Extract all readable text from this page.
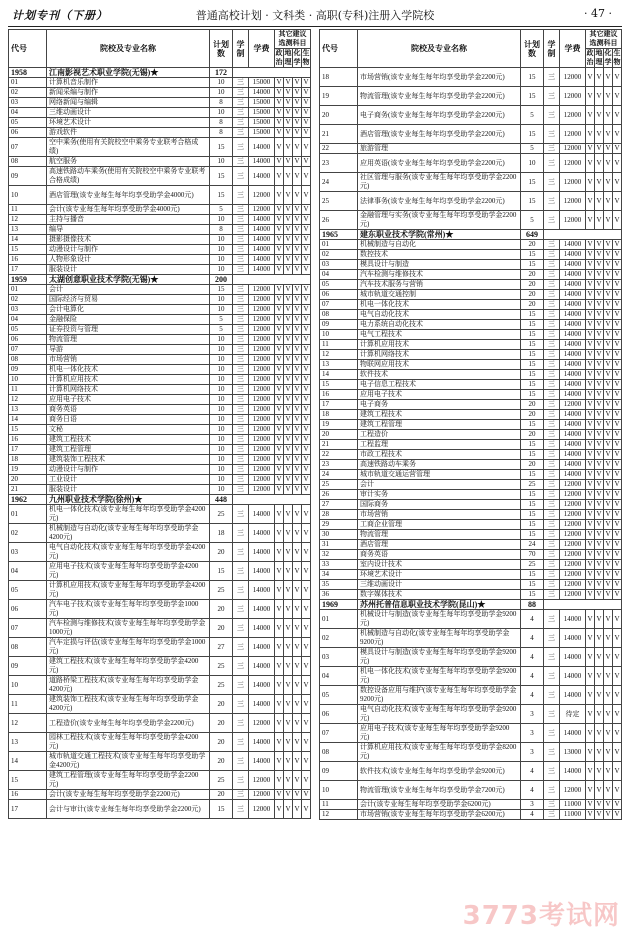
计划专刊（下册）	普通高校计划 · 文科类 · 高职(专科)注册入学院校	· 47 ·
代号	院校及专业名称	计划数	学制	学费	其它建议选测科目			
					政治	地理	化学	生物
1958	江南影视艺术职业学院(无锡)★	172						
01	计算机音乐制作	10	三	15000	V	V	V	V
02	新闻采编与制作	10	三	14000	V	V	V	V
03	网络新闻与编辑	8	三	15000	V	V	V	V
04	三维动画设计	10	三	15000	V	V	V	V
05	环境艺术设计	8	三	15000	V	V	V	V
06	游戏软件	8	三	15000	V	V	V	V
07	空中乘务(使用有关院校空中乘务专业联考合格成绩)	15	三	14000	V	V	V	V
08	航空服务	10	三	14000	V	V	V	V
09	高速铁路动车乘务(使用有关院校空中乘务专业联考合格成绩)	15	三	14000	V	V	V	V
10	酒店管理(该专业每生每年均享受助学金4000元)	15	三	12000	V	V	V	V
11	会计(该专业每生每年均享受助学金4000元)	5	三	12000	V	V	V	V
12	主持与播音	10	三	14000	V	V	V	V
13	编导	8	三	14000	V	V	V	V
14	摄影摄像技术	10	三	14000	V	V	V	V
15	动漫设计与制作	10	三	14000	V	V	V	V
16	人物形象设计	10	三	14000	V	V	V	V
17	服装设计	10	三	14000	V	V	V	V
1959	太湖创意职业技术学院(无锡)★	200						
01	会计	15	三	12000	V	V	V	V
02	国际经济与贸易	10	三	12000	V	V	V	V
03	会计电算化	10	三	12000	V	V	V	V
04	金融保险	5	三	12000	V	V	V	V
05	证券投资与管理	5	三	12000	V	V	V	V
06	物流管理	10	三	12000	V	V	V	V
07	导游	10	三	12000	V	V	V	V
08	市场营销	10	三	12000	V	V	V	V
09	机电一体化技术	10	三	12000	V	V	V	V
10	计算机应用技术	10	三	12000	V	V	V	V
11	计算机网络技术	10	三	12000	V	V	V	V
12	应用电子技术	10	三	12000	V	V	V	V
13	商务英语	10	三	12000	V	V	V	V
14	商务日语	10	三	12000	V	V	V	V
15	文秘	10	三	12000	V	V	V	V
16	建筑工程技术	10	三	12000	V	V	V	V
17	建筑工程管理	10	三	12000	V	V	V	V
18	建筑装饰工程技术	10	三	12000	V	V	V	V
19	动漫设计与制作	10	三	12000	V	V	V	V
20	工业设计	10	三	12000	V	V	V	V
21	服装设计	10	三	12000	V	V	V	V
1962	九州职业技术学院(徐州)★	448						
01	机电一体化技术(该专业每生每年均享受助学金4200元)	25	三	14000	V	V	V	V
02	机械制造与自动化(该专业每生每年均享受助学金4200元)	18	三	14000	V	V	V	V
03	电气自动化技术(该专业每生每年均享受助学金4200元)	20	三	14000	V	V	V	V
04	应用电子技术(该专业每生每年均享受助学金4200元)	15	三	14000	V	V	V	V
05	计算机应用技术(该专业每生每年均享受助学金4200元)	25	三	14000	V	V	V	V
06	汽车电子技术(该专业每生每年均享受助学金1000元)	20	三	14000	V	V	V	V
07	汽车检测与维修技术(该专业每生每年均享受助学金1000元)	20	三	14000	V	V	V	V
08	汽车定损与评估(该专业每生每年均享受助学金1000元)	27	三	14000	V	V	V	V
09	建筑工程技术(该专业每生每年均享受助学金4200元)	25	三	14000	V	V	V	V
10	道路桥梁工程技术(该专业每生每年均享受助学金4200元)	25	三	14000	V	V	V	V
11	建筑装饰工程技术(该专业每生每年均享受助学金4200元)	20	三	14000	V	V	V	V
12	工程造价(该专业每生每年均享受助学金2200元)	20	三	12000	V	V	V	V
13	园林工程技术(该专业每生每年均享受助学金4200元)	20	三	14000	V	V	V	V
14	城市轨道交通工程技术(该专业每生每年均享受助学金4200元)	20	三	14000	V	V	V	V
15	建筑工程管理(该专业每生每年均享受助学金2200元)	25	三	12000	V	V	V	V
16	会计(该专业每生每年均享受助学金2200元)	20	三	12000	V	V	V	V
17	会计与审计(该专业每生每年均享受助学金2200元)	15	三	12000	V	V	V	V
代号	院校及专业名称	计划数	学制	学费	其它建议选测科目			
					政治	地理	化学	生物
18	市场营销(该专业每生每年均享受助学金2200元)	15	三	12000	V	V	V	V
19	物流管理(该专业每生每年均享受助学金2200元)	15	三	12000	V	V	V	V
20	电子商务(该专业每生每年均享受助学金2200元)	5	三	12000	V	V	V	V
21	酒店管理(该专业每生每年均享受助学金2200元)	15	三	12000	V	V	V	V
22	旅游管理	5	三	12000	V	V	V	V
23	应用英语(该专业每生每年均享受助学金2200元)	10	三	12000	V	V	V	V
24	社区管理与服务(该专业每生每年均享受助学金2200元)	15	三	12000	V	V	V	V
25	法律事务(该专业每生每年均享受助学金2200元)	15	三	12000	V	V	V	V
26	金融管理与实务(该专业每生每年均享受助学金2200元)	5	三	12000	V	V	V	V
1965	建东职业技术学院(常州)★	649						
01	机械制造与自动化	20	三	14000	V	V	V	V
02	数控技术	15	三	14000	V	V	V	V
03	模具设计与制造	15	三	14000	V	V	V	V
04	汽车检测与维修技术	20	三	14000	V	V	V	V
05	汽车技术服务与营销	20	三	14000	V	V	V	V
06	城市轨道交通控制	20	三	14000	V	V	V	V
07	机电一体化技术	20	三	14000	V	V	V	V
08	电气自动化技术	15	三	14000	V	V	V	V
09	电力系统自动化技术	15	三	14000	V	V	V	V
10	电气工程技术	15	三	14000	V	V	V	V
11	计算机应用技术	15	三	14000	V	V	V	V
12	计算机网络技术	15	三	14000	V	V	V	V
13	物联网应用技术	15	三	14000	V	V	V	V
14	软件技术	15	三	14000	V	V	V	V
15	电子信息工程技术	15	三	14000	V	V	V	V
16	应用电子技术	15	三	14000	V	V	V	V
17	电子商务	20	三	12000	V	V	V	V
18	建筑工程技术	20	三	14000	V	V	V	V
19	建筑工程管理	15	三	14000	V	V	V	V
20	工程造价	20	三	14000	V	V	V	V
21	工程监理	15	三	14000	V	V	V	V
22	市政工程技术	15	三	14000	V	V	V	V
23	高速铁路动车乘务	20	三	14000	V	V	V	V
24	城市轨道交通运营管理	15	三	14000	V	V	V	V
25	会计	25	三	12000	V	V	V	V
26	审计实务	15	三	12000	V	V	V	V
27	国际商务	15	三	12000	V	V	V	V
28	市场营销	15	三	12000	V	V	V	V
29	工商企业管理	15	三	12000	V	V	V	V
30	物流管理	15	三	12000	V	V	V	V
31	酒店管理	24	三	12000	V	V	V	V
32	商务英语	70	三	12000	V	V	V	V
33	室内设计技术	25	三	12000	V	V	V	V
34	环境艺术设计	15	三	12000	V	V	V	V
35	三维动画设计	15	三	12000	V	V	V	V
36	数字媒体技术	15	三	12000	V	V	V	V
1969	苏州托普信息职业技术学院(昆山)★	88						
01	机械设计与制造(该专业每生每年均享受助学金9200元)	4	三	14000	V	V	V	V
02	机械制造与自动化(该专业每生每年均享受助学金9200元)	4	三	14000	V	V	V	V
03	模具设计与制造(该专业每生每年均享受助学金9200元)	4	三	14000	V	V	V	V
04	机电一体化技术(该专业每生每年均享受助学金9200元)	4	三	14000	V	V	V	V
05	数控设备应用与维护(该专业每生每年均享受助学金9200元)	4	三	14000	V	V	V	V
06	电气自动化技术(该专业每生每年均享受助学金9200元)	3	三	待定	V	V	V	V
07	应用电子技术(该专业每生每年均享受助学金9200元)	3	三	14000	V	V	V	V
08	计算机应用技术(该专业每生每年均享受助学金8200元)	3	三	13000	V	V	V	V
09	软件技术(该专业每生每年均享受助学金9200元)	4	三	14000	V	V	V	V
10	物流管理(该专业每生每年均享受助学金7200元)	4	三	12000	V	V	V	V
11	会计(该专业每生每年均享受助学金6200元)	3	三	11000	V	V	V	V
12	市场营销(该专业每生每年均享受助学金6200元)	4	三	11000	V	V	V	V
3773考试网
